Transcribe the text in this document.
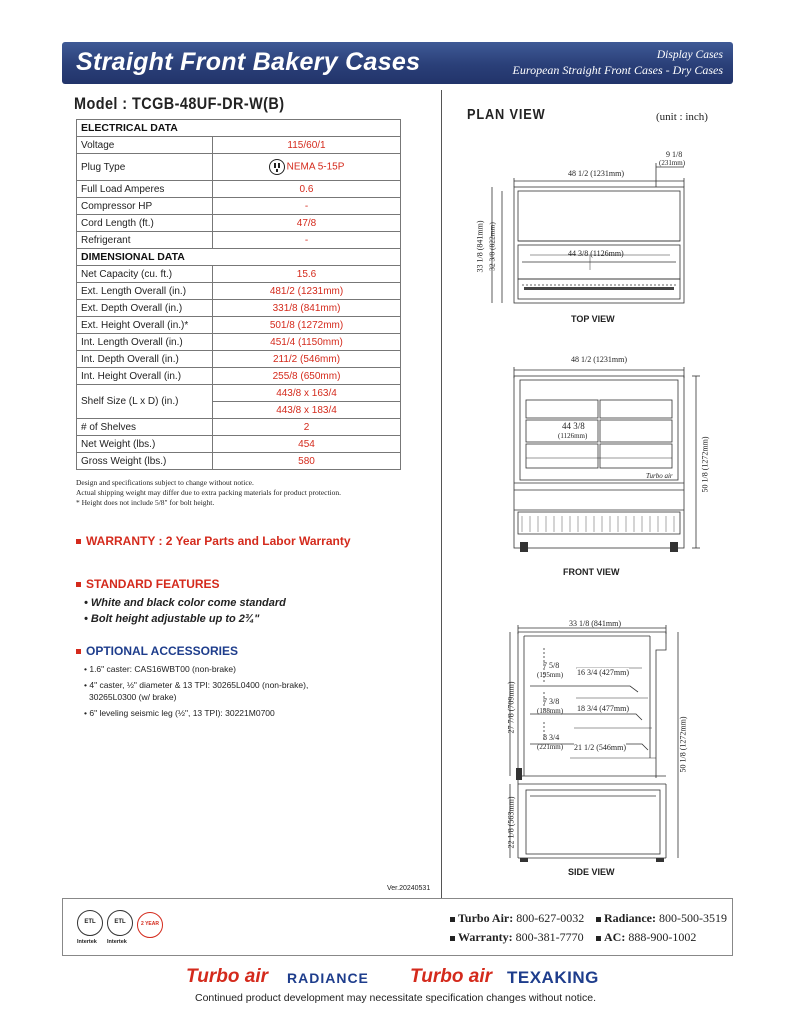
Straight Front Bakery Cases	Display Cases
European Straight Front Cases - Dry Cases
Model : TCGB-48UF-DR-W(B)
ELECTRICAL DATA	
Voltage	115/60/1
Plug Type	NEMA 5-15P
Full Load Amperes	0.6
Compressor HP	-
Cord Length (ft.)	47/8
Refrigerant	-
DIMENSIONAL DATA	
Net Capacity (cu. ft.)	15.6
Ext. Length Overall (in.)	481/2 (1231mm)
Ext. Depth Overall (in.)	331/8 (841mm)
Ext. Height Overall (in.)*	501/8 (1272mm)
Int. Length Overall (in.)	451/4 (1150mm)
Int. Depth Overall (in.)	211/2 (546mm)
Int. Height Overall (in.)	255/8 (650mm)
Shelf Size (L x D) (in.)	443/8 x 163/4
	443/8 x 183/4
# of Shelves	2
Net Weight (lbs.)	454
Gross Weight (lbs.)	580
Design and specifications subject to change without notice.
Actual shipping weight may differ due to extra packing materials for product protection.
* Height does not include 5/8" for bolt height.
WARRANTY : 2 Year Parts and Labor Warranty
STANDARD FEATURES
• White and black color come standard
• Bolt height adjustable up to 2¾"
OPTIONAL ACCESSORIES
• 1.6" caster: CAS16WBT00 (non-brake)
• 4" caster, ½" diameter & 13 TPI: 30265L0400 (non-brake),
30265L0300 (w/ brake)
• 6" leveling seismic leg (½", 13 TPI): 30221M0700
Ver.20240531
PLAN VIEW	(unit : inch)
48 1/2 (1231mm)
9 1/8
(231mm)
44 3/8 (1126mm)
33 1/8 (841mm) 32 3/8 (822mm)
TOP VIEW
48 1/2 (1231mm)
44 3/8
(1126mm)
Turbo air	50 1/8 (1272mm)
FRONT VIEW
33 1/8 (841mm)
7 5/8
(195mm) 16 3/4 (427mm)
7 3/8
(188mm) 18 3/4 (477mm)
8 3/4
(221mm) 21 1/2 (546mm)
27 7/8 (709mm)
22 1/8 (563mm)
50 1/8 (1272mm)
SIDE VIEW
ETL
Intertek
ETL
Intertek
2 YEAR	Turbo Air: 800-627-0032	Radiance: 800-500-3519
Warranty: 800-381-7770	AC: 888-900-1002
Turbo air RADIANCE Turbo air TEXAKING
Continued product development may necessitate specification changes without notice.
